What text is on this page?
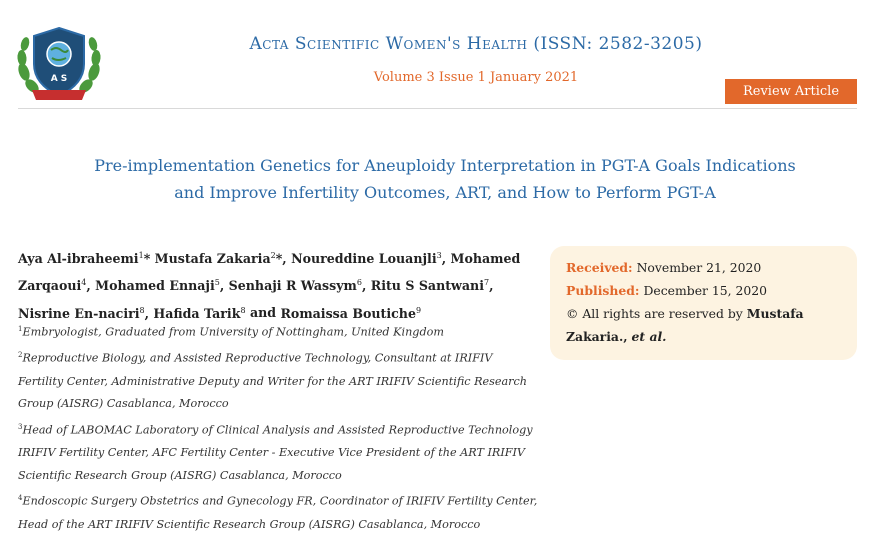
A S
Acta Scientific Women's Health (ISSN: 2582-3205)
Volume 3 Issue 1 January 2021
Review Article
Pre-implementation Genetics for Aneuploidy Interpretation in PGT-A Goals Indications
and Improve Infertility Outcomes, ART, and How to Perform PGT-A
Aya Al-ibraheemi$^1$* Mustafa Zakaria$^2$*, Noureddine Louanjli$^3$, Mohamed Zarqaoui$^4$, Mohamed Ennaji$^5$, Senhaji R Wassym$^6$, Ritu S Santwani$^7$, Nisrine En-naciri$^8$, Hafida Tarik$^8$ and Romaissa Boutiche$^9$
$^1$Embryologist, Graduated from University of Nottingham, United Kingdom
$^2$Reproductive Biology, and Assisted Reproductive Technology, Consultant at IRIFIV Fertility Center, Administrative Deputy and Writer for the ART IRIFIV Scientific Research Group (AISRG) Casablanca, Morocco
$^3$Head of LABOMAC Laboratory of Clinical Analysis and Assisted Reproductive Technology IRIFIV Fertility Center, AFC Fertility Center - Executive Vice President of the ART IRIFIV Scientific Research Group (AISRG) Casablanca, Morocco
$^4$Endoscopic Surgery Obstetrics and Gynecology FR, Coordinator of IRIFIV Fertility Center, Head of the ART IRIFIV Scientific Research Group (AISRG) Casablanca, Morocco
Received: November 21, 2020
Published: December 15, 2020
© All rights are reserved by Mustafa Zakaria., et al.
